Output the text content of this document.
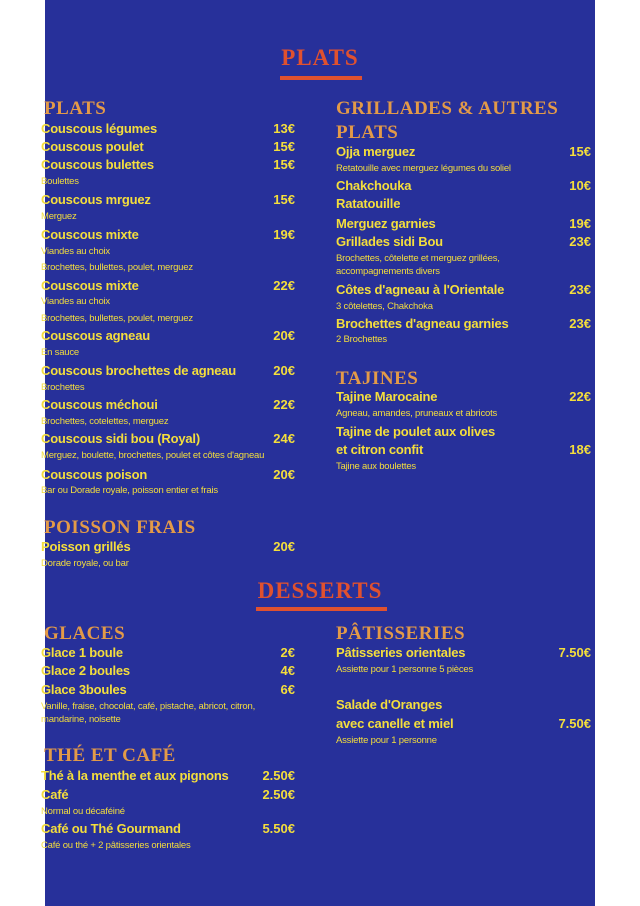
PLATS
DESSERTS
PLATS
Couscous légumes	13€
Couscous poulet	15€
Couscous bulettes	15€
Boulettes
Couscous mrguez	15€
Merguez
Couscous mixte	19€
Viandes au choix
Brochettes, bullettes, poulet, merguez
Couscous mixte	22€
Viandes au choix
Brochettes, bullettes, poulet, merguez
Couscous agneau	20€
En sauce
Couscous brochettes de agneau	20€
Brochettes
Couscous méchoui	22€
Brochettes, cotelettes, merguez
Couscous sidi bou (Royal)	24€
Merguez, boulette, brochettes, poulet et côtes d'agneau
Couscous poison	20€
Bar ou Dorade royale, poisson entier et frais
POISSON FRAIS
Poisson grillés	20€
Dorade royale, ou bar
GRILLADES & AUTRES
PLATS
Ojja merguez	15€
Retatouille avec merguez légumes du soliel
Chakchouka	10€
Ratatouille
Merguez garnies	19€
Grillades sidi Bou	23€
Brochettes, côtelette et merguez grillées,
accompagnements divers
Côtes d'agneau à l'Orientale	23€
3 côtelettes, Chakchoka
Brochettes d'agneau garnies	23€
2 Brochettes
TAJINES
Tajine Marocaine	22€
Agneau, amandes, pruneaux et abricots
Tajine de poulet aux olives
et citron confit	18€
Tajine aux boulettes
GLACES
Glace 1 boule	2€
Glace 2 boules	4€
Glace 3boules	6€
Vanille, fraise, chocolat, café, pistache, abricot, citron,
mandarine, noisette
THÉ ET CAFÉ
Thé à la menthe et aux pignons	2.50€
Café	2.50€
Normal ou décaféiné
Café ou Thé Gourmand	5.50€
Café ou thé + 2 pâtisseries orientales
PÂTISSERIES
Pâtisseries orientales	7.50€
Assiette pour 1 personne 5 pièces
Salade d'Oranges
avec canelle et miel	7.50€
Assiette pour 1 personne
